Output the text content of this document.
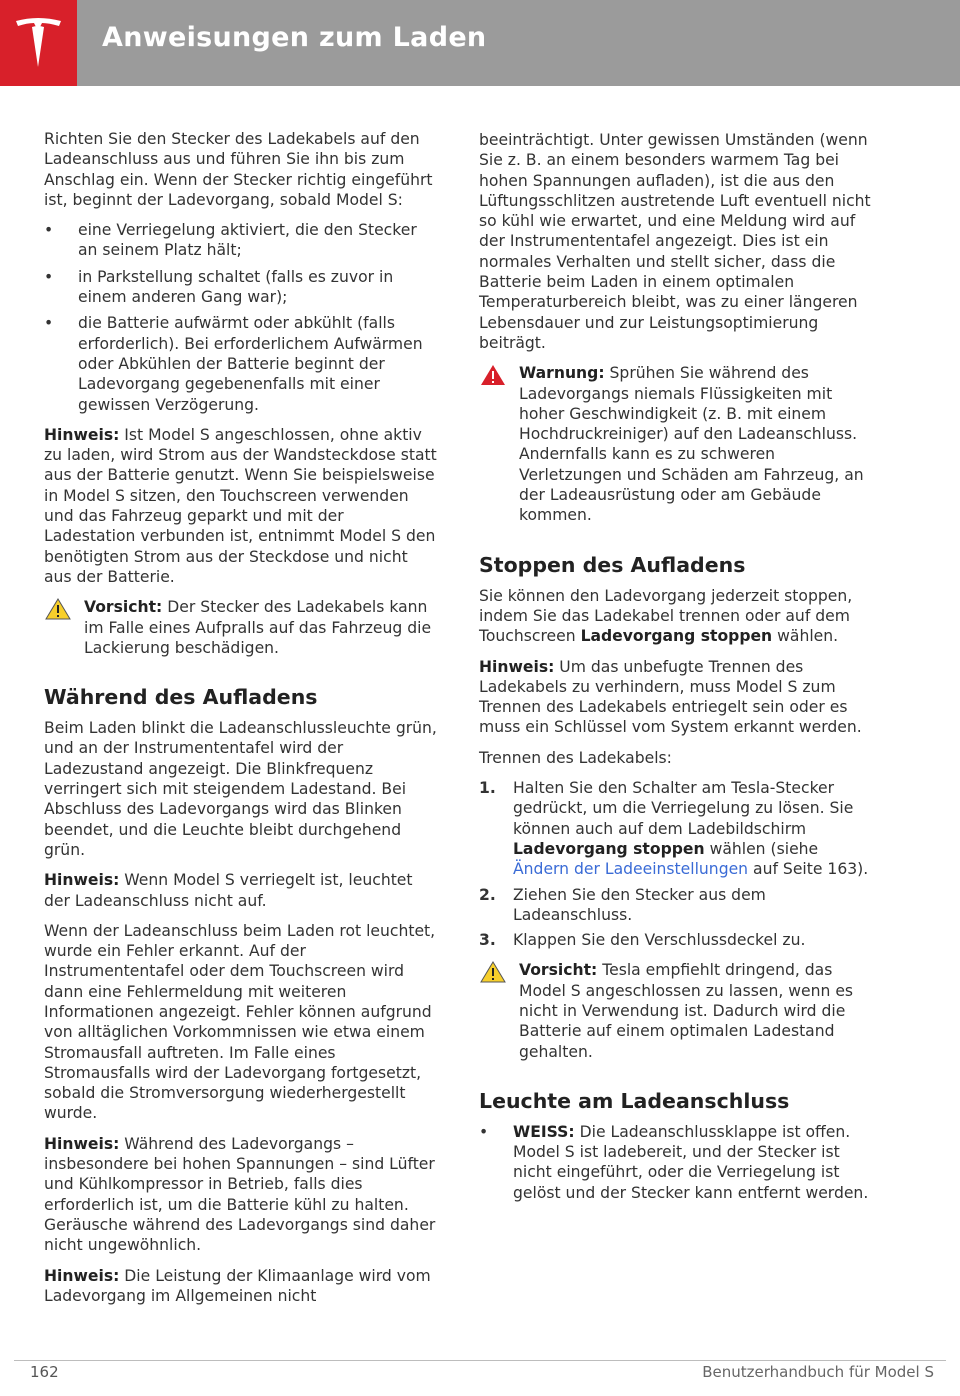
Anweisungen zum Laden

Richten Sie den Stecker des Ladekabels auf den Ladeanschluss aus und führen Sie ihn bis zum Anschlag ein. Wenn der Stecker richtig eingeführt ist, beginnt der Ladevorgang, sobald Model S:

• eine Verriegelung aktiviert, die den Stecker an seinem Platz hält;
• in Parkstellung schaltet (falls es zuvor in einem anderen Gang war);
• die Batterie aufwärmt oder abkühlt (falls erforderlich). Bei erforderlichem Aufwärmen oder Abkühlen der Batterie beginnt der Ladevorgang gegebenenfalls mit einer gewissen Verzögerung.

Hinweis: Ist Model S angeschlossen, ohne aktiv zu laden, wird Strom aus der Wandsteckdose statt aus der Batterie genutzt. Wenn Sie beispielsweise in Model S sitzen, den Touchscreen verwenden und das Fahrzeug geparkt und mit der Ladestation verbunden ist, entnimmt Model S den benötigten Strom aus der Steckdose und nicht aus der Batterie.

Vorsicht: Der Stecker des Ladekabels kann im Falle eines Aufpralls auf das Fahrzeug die Lackierung beschädigen.
Während des Aufladens

Beim Laden blinkt die Ladeanschlussleuchte grün, und an der Instrumententafel wird der Ladezustand angezeigt. Die Blinkfrequenz verringert sich mit steigendem Ladestand. Bei Abschluss des Ladevorgangs wird das Blinken beendet, und die Leuchte bleibt durchgehend grün.

Hinweis: Wenn Model S verriegelt ist, leuchtet der Ladeanschluss nicht auf.

Wenn der Ladeanschluss beim Laden rot leuchtet, wurde ein Fehler erkannt. Auf der Instrumententafel oder dem Touchscreen wird dann eine Fehlermeldung mit weiteren Informationen angezeigt. Fehler können aufgrund von alltäglichen Vorkommnissen wie etwa einem Stromausfall auftreten. Im Falle eines Stromausfalls wird der Ladevorgang fortgesetzt, sobald die Stromversorgung wiederhergestellt wurde.

Hinweis: Während des Ladevorgangs – insbesondere bei hohen Spannungen – sind Lüfter und Kühlkompressor in Betrieb, falls dies erforderlich ist, um die Batterie kühl zu halten. Geräusche während des Ladevorgangs sind daher nicht ungewöhnlich.

Hinweis: Die Leistung der Klimaanlage wird vom Ladevorgang im Allgemeinen nicht

beeinträchtigt. Unter gewissen Umständen (wenn Sie z. B. an einem besonders warmem Tag bei hohen Spannungen aufladen), ist die aus den Lüftungsschlitzen austretende Luft eventuell nicht so kühl wie erwartet, und eine Meldung wird auf der Instrumententafel angezeigt. Dies ist ein normales Verhalten und stellt sicher, dass die Batterie beim Laden in einem optimalen Temperaturbereich bleibt, was zu einer längeren Lebensdauer und zur Leistungsoptimierung beiträgt.

Warnung: Sprühen Sie während des Ladevorgangs niemals Flüssigkeiten mit hoher Geschwindigkeit (z. B. mit einem Hochdruckreiniger) auf den Ladeanschluss. Andernfalls kann es zu schweren Verletzungen und Schäden am Fahrzeug, an der Ladeausrüstung oder am Gebäude kommen.
Stoppen des Aufladens

Sie können den Ladevorgang jederzeit stoppen, indem Sie das Ladekabel trennen oder auf dem Touchscreen Ladevorgang stoppen wählen.

Hinweis: Um das unbefugte Trennen des Ladekabels zu verhindern, muss Model S zum Trennen des Ladekabels entriegelt sein oder es muss ein Schlüssel vom System erkannt werden.

Trennen des Ladekabels:

1. Halten Sie den Schalter am Tesla-Stecker gedrückt, um die Verriegelung zu lösen. Sie können auch auf dem Ladebildschirm Ladevorgang stoppen wählen (siehe Ändern der Ladeeinstellungen auf Seite 163).
2. Ziehen Sie den Stecker aus dem Ladeanschluss.
3. Klappen Sie den Verschlussdeckel zu.
Vorsicht: Tesla empfiehlt dringend, das Model S angeschlossen zu lassen, wenn es nicht in Verwendung ist. Dadurch wird die Batterie auf einem optimalen Ladestand gehalten.
Leuchte am Ladeanschluss
• WEISS: Die Ladeanschlussklappe ist offen. Model S ist ladebereit, und der Stecker ist nicht eingeführt, oder die Verriegelung ist gelöst und der Stecker kann entfernt werden.
162	Benutzerhandbuch für Model S
